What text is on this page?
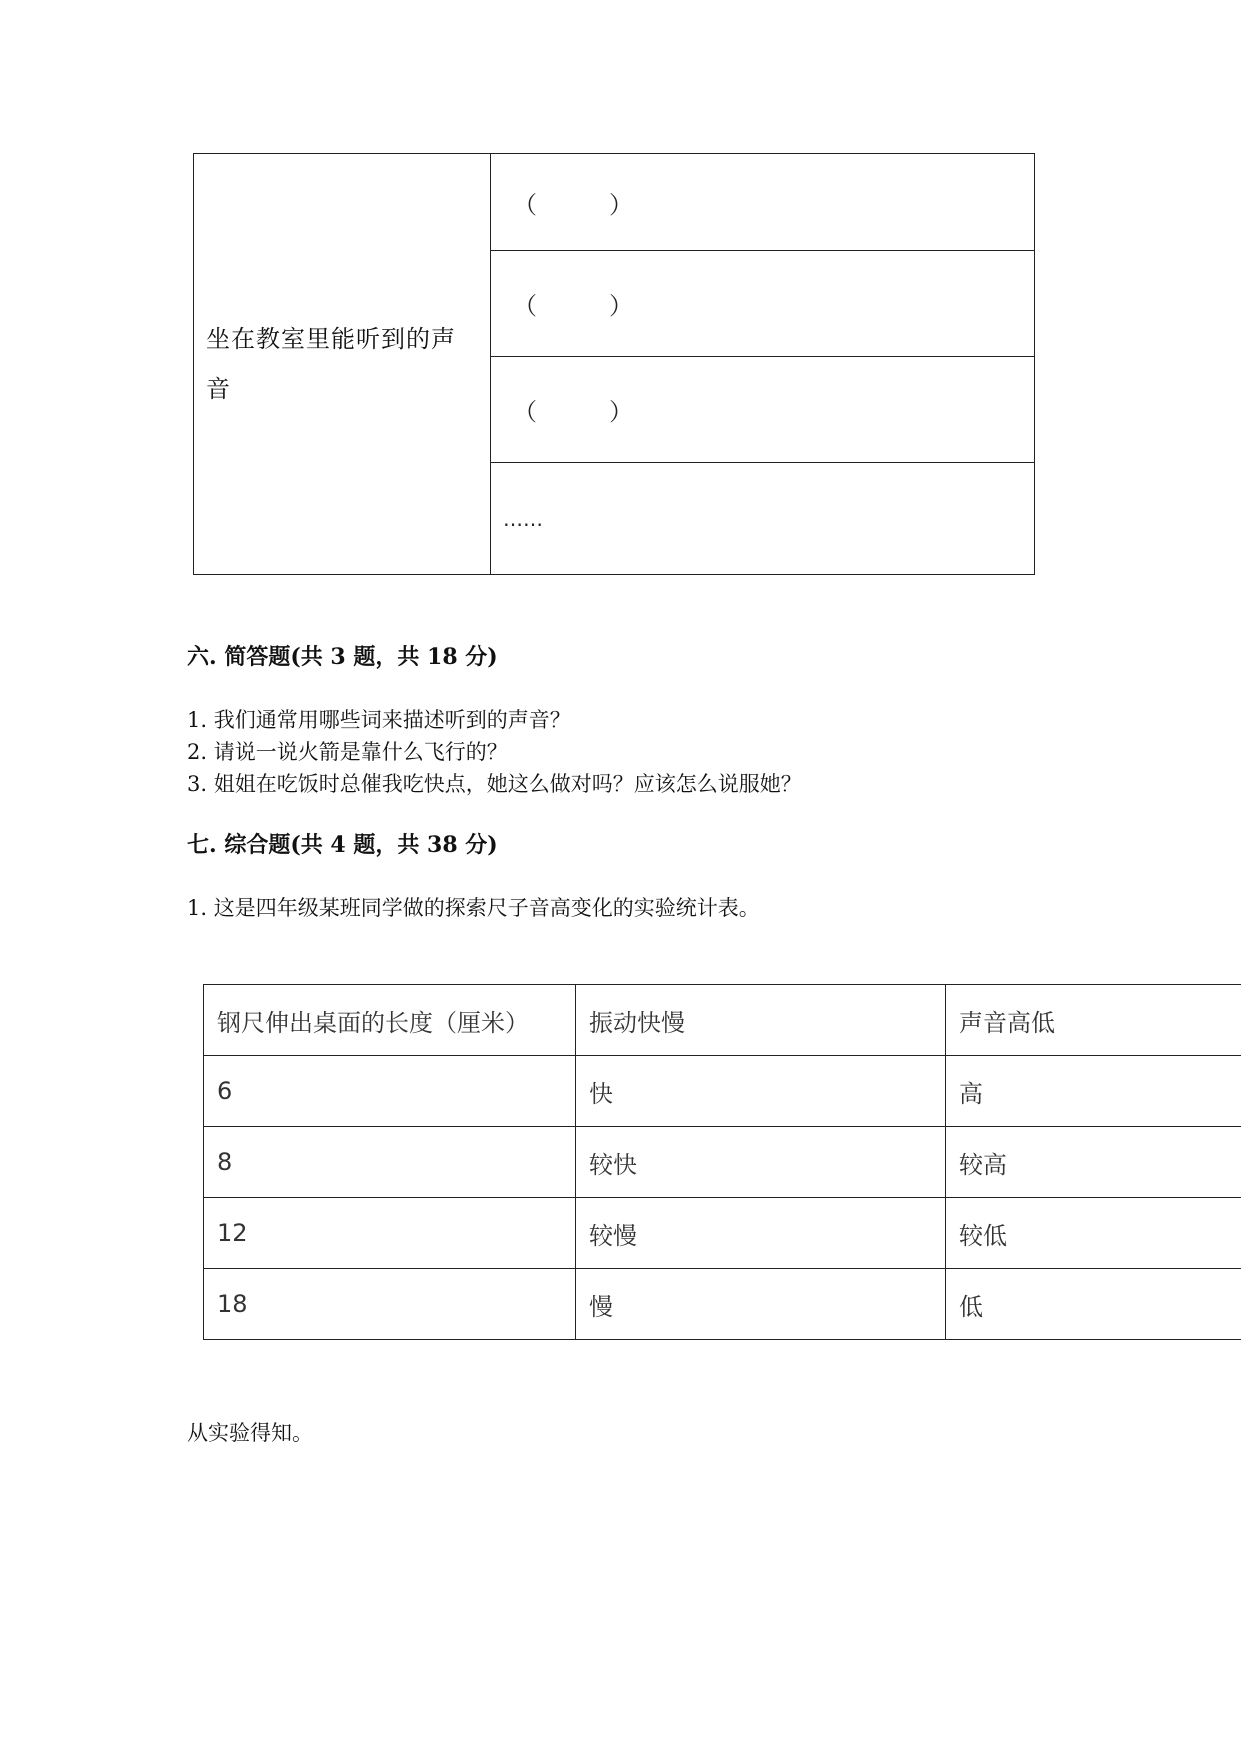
坐在教室里能听到的声音	（　　　）
（　　　）
（　　　）
……
六. 简答题(共 3 题，共 18 分)

1. 我们通常用哪些词来描述听到的声音？

2. 请说一说火箭是靠什么飞行的？

3. 姐姐在吃饭时总催我吃快点，她这么做对吗？应该怎么说服她？

七. 综合题(共 4 题，共 38 分)

1. 这是四年级某班同学做的探索尺子音高变化的实验统计表。

钢尺伸出桌面的长度（厘米）	振动快慢	声音高低
6	快	高
8	较快	较高
12	较慢	较低
18	慢	低

从实验得知。
